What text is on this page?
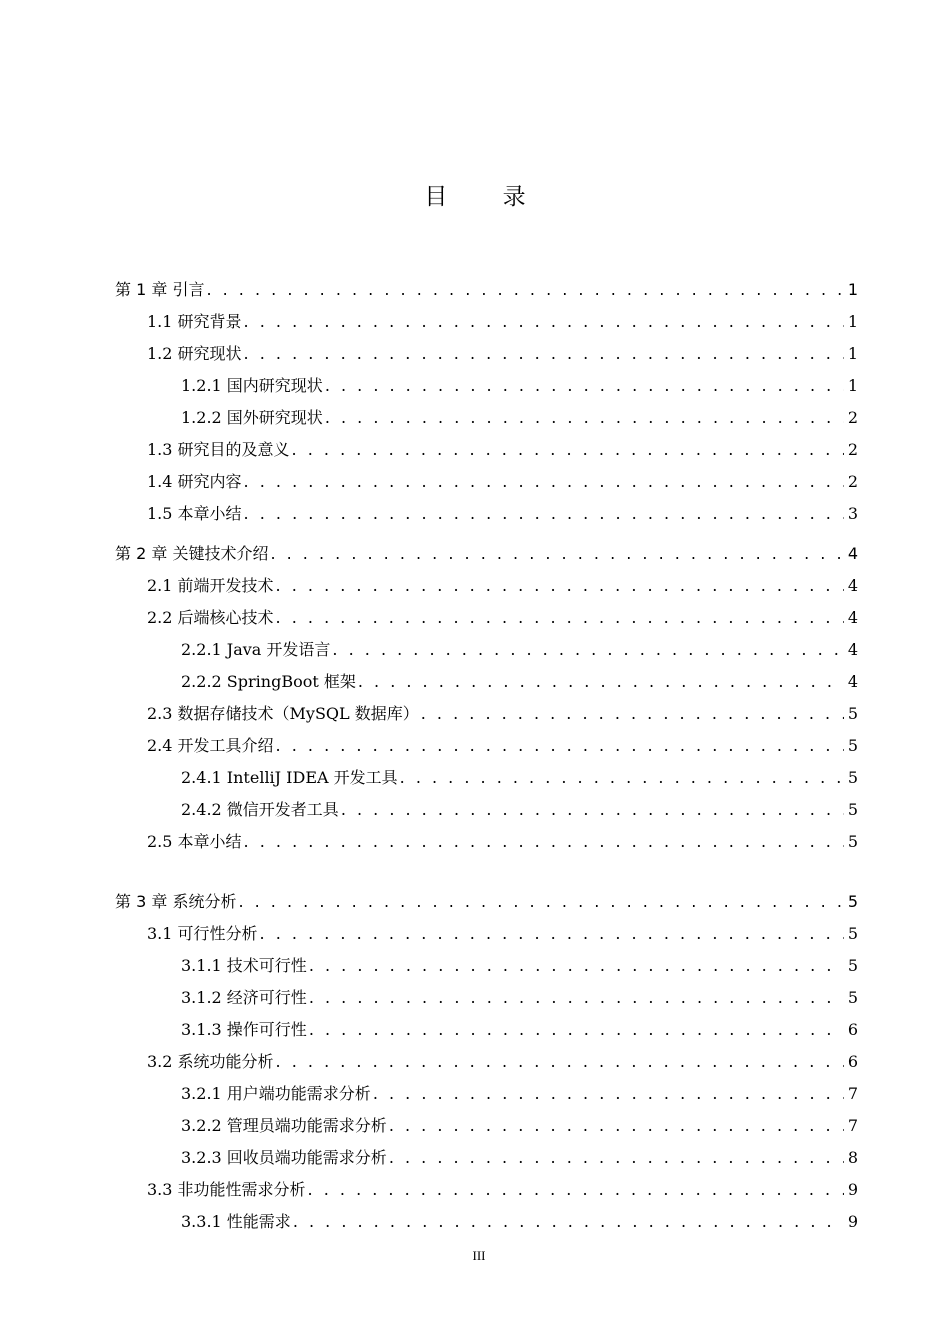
目 录
第 1 章 引言 . . .	1
1.1 研究背景 . . .	1
1.2 研究现状 . . .	1
1.2.1 国内研究现状 . . .	1
1.2.2 国外研究现状 . . .	2
1.3 研究目的及意义 . . .	2
1.4 研究内容 . . .	2
1.5 本章小结 . . .	3
第 2 章 关键技术介绍 . . .	4
2.1 前端开发技术 . . .	4
2.2 后端核心技术 . . .	4
2.2.1 Java 开发语言 . . .	4
2.2.2 SpringBoot 框架 . . .	4
2.3 数据存储技术（MySQL 数据库） . . .	5
2.4 开发工具介绍 . . .	5
2.4.1 IntelliJ IDEA 开发工具 . . .	5
2.4.2 微信开发者工具 . . .	5
2.5 本章小结 . . .	5
第 3 章 系统分析 . . .	5
3.1 可行性分析 . . .	5
3.1.1 技术可行性 . . .	5
3.1.2 经济可行性 . . .	5
3.1.3 操作可行性 . . .	6
3.2 系统功能分析 . . .	6
3.2.1 用户端功能需求分析 . . .	7
3.2.2 管理员端功能需求分析 . . .	7
3.2.3 回收员端功能需求分析 . . .	8
3.3 非功能性需求分析 . . .	9
3.3.1 性能需求 . . .	9
III
